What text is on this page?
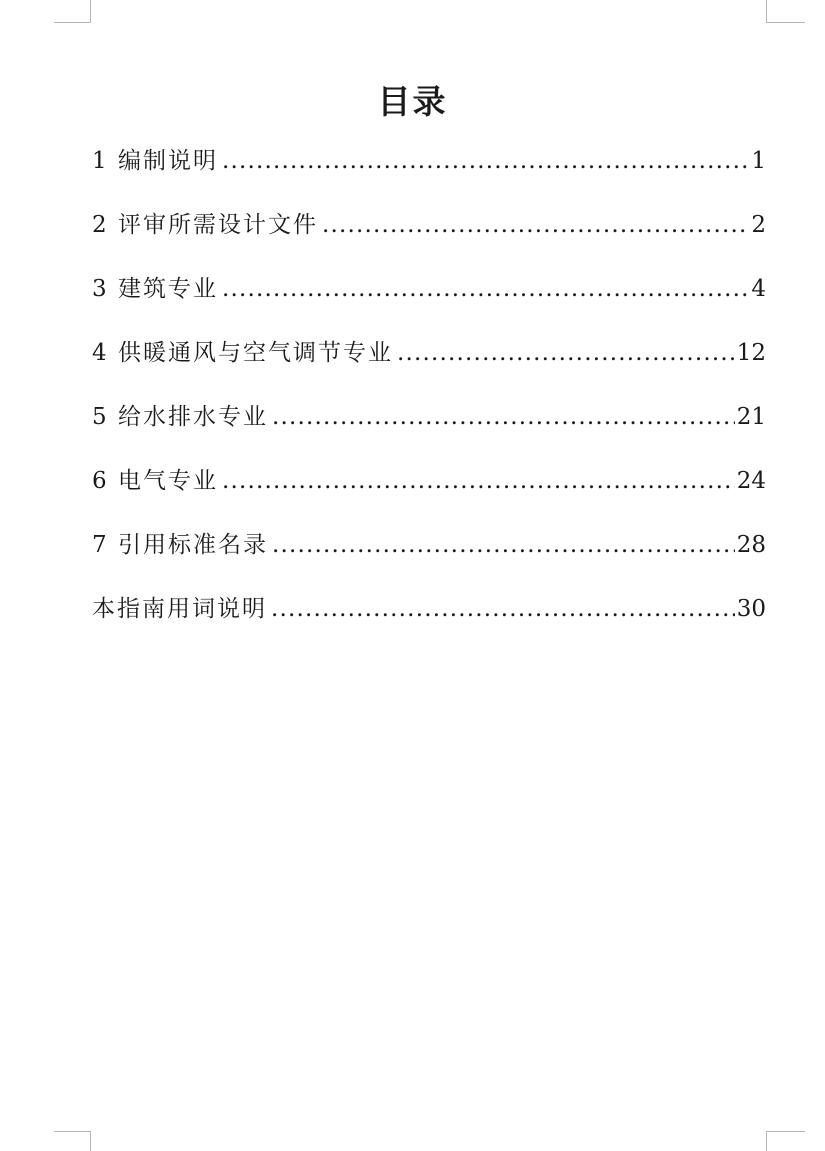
目录
1 编制说明 .....	1
2 评审所需设计文件 .....	2
3 建筑专业 .....	4
4 供暖通风与空气调节专业 .....	12
5 给水排水专业 .....	21
6 电气专业 .....	24
7 引用标准名录 .....	28
本指南用词说明 .....	30
